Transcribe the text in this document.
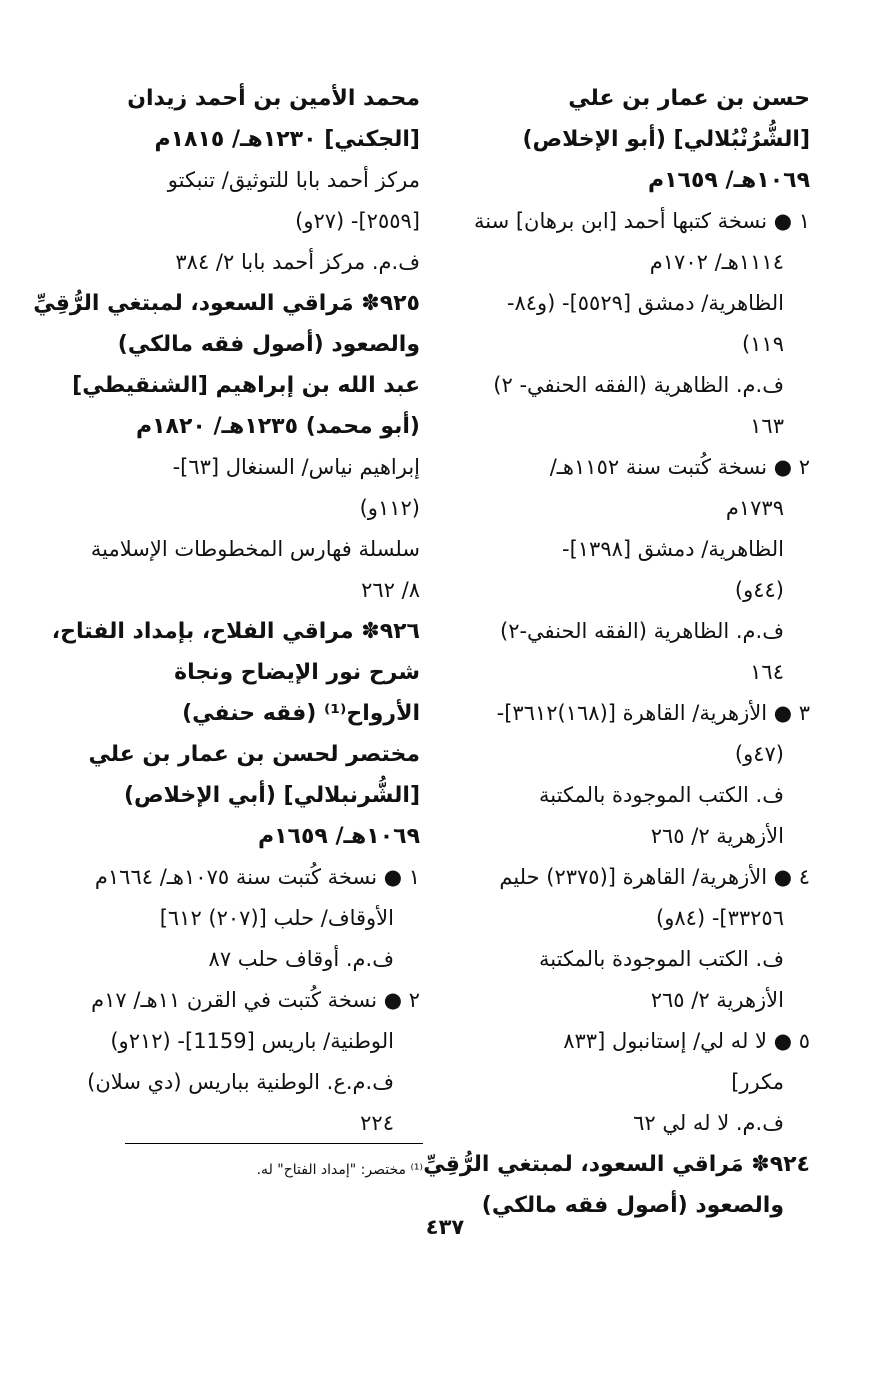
حسن بن عمار بن علي
[الشُّرُنْبُلالي] (أبو الإخلاص)
١٠٦٩هـ/ ١٦٥٩م
١ ● نسخة كتبها أحمد [ابن برهان] سنة
١١١٤هـ/ ١٧٠٢م
الظاهرية/ دمشق [٥٥٢٩]- (و٨٤-
١١٩)
ف.م. الظاهرية (الفقه الحنفي- ٢)
١٦٣
٢ ● نسخة كُتبت سنة ١١٥٢هـ/
١٧٣٩م
الظاهرية/ دمشق [١٣٩٨]-
(٤٤و)
ف.م. الظاهرية (الفقه الحنفي-٢)
١٦٤
٣ ● الأزهرية/ القاهرة [(١٦٨)٣٦١٢]-
(٤٧و)
ف. الكتب الموجودة بالمكتبة
الأزهرية ٢/ ٢٦٥
٤ ● الأزهرية/ القاهرة [(٢٣٧٥) حليم
٣٣٢٥٦]- (٨٤و)
ف. الكتب الموجودة بالمكتبة
الأزهرية ٢/ ٢٦٥
٥ ● لا له لي/ إستانبول [٨٣٣
مكرر]
ف.م. لا له لي ٦٢
٩٢٤✽ مَراقي السعود، لمبتغي الرُّقِيِّ
والصعود (أصول فقه مالكي)
محمد الأمين بن أحمد زيدان
[الجكني] ١٢٣٠هـ/ ١٨١٥م
مركز أحمد بابا للتوثيق/ تنبكتو
[٢٥٥٩]- (٢٧و)
ف.م. مركز أحمد بابا ٢/ ٣٨٤
٩٢٥✽ مَراقي السعود، لمبتغي الرُّقِيِّ
والصعود (أصول فقه مالكي)
عبد الله بن إبراهيم [الشنقيطي]
(أبو محمد) ١٢٣٥هـ/ ١٨٢٠م
إبراهيم نياس/ السنغال [٦٣]-
(١١٢و)
سلسلة فهارس المخطوطات الإسلامية
٨/ ٢٦٢
٩٢٦✽ مراقي الفلاح، بإمداد الفتاح،
شرح نور الإيضاح ونجاة
الأرواح⁽¹⁾ (فقه حنفي)
مختصر لحسن بن عمار بن علي
[الشُّرنبلالي] (أبي الإخلاص)
١٠٦٩هـ/ ١٦٥٩م
١ ● نسخة كُتبت سنة ١٠٧٥هـ/ ١٦٦٤م
الأوقاف/ حلب [(٢٠٧) ٦١٢]
ف.م. أوقاف حلب ٨٧
٢ ● نسخة كُتبت في القرن ١١هـ/ ١٧م
الوطنية/ باريس [1159]- (٢١٢و)
ف.م.ع. الوطنية بباريس (دي سلان)
٢٢٤
⁽¹⁾ مختصر: "إمداد الفتاح" له.
٤٣٧
